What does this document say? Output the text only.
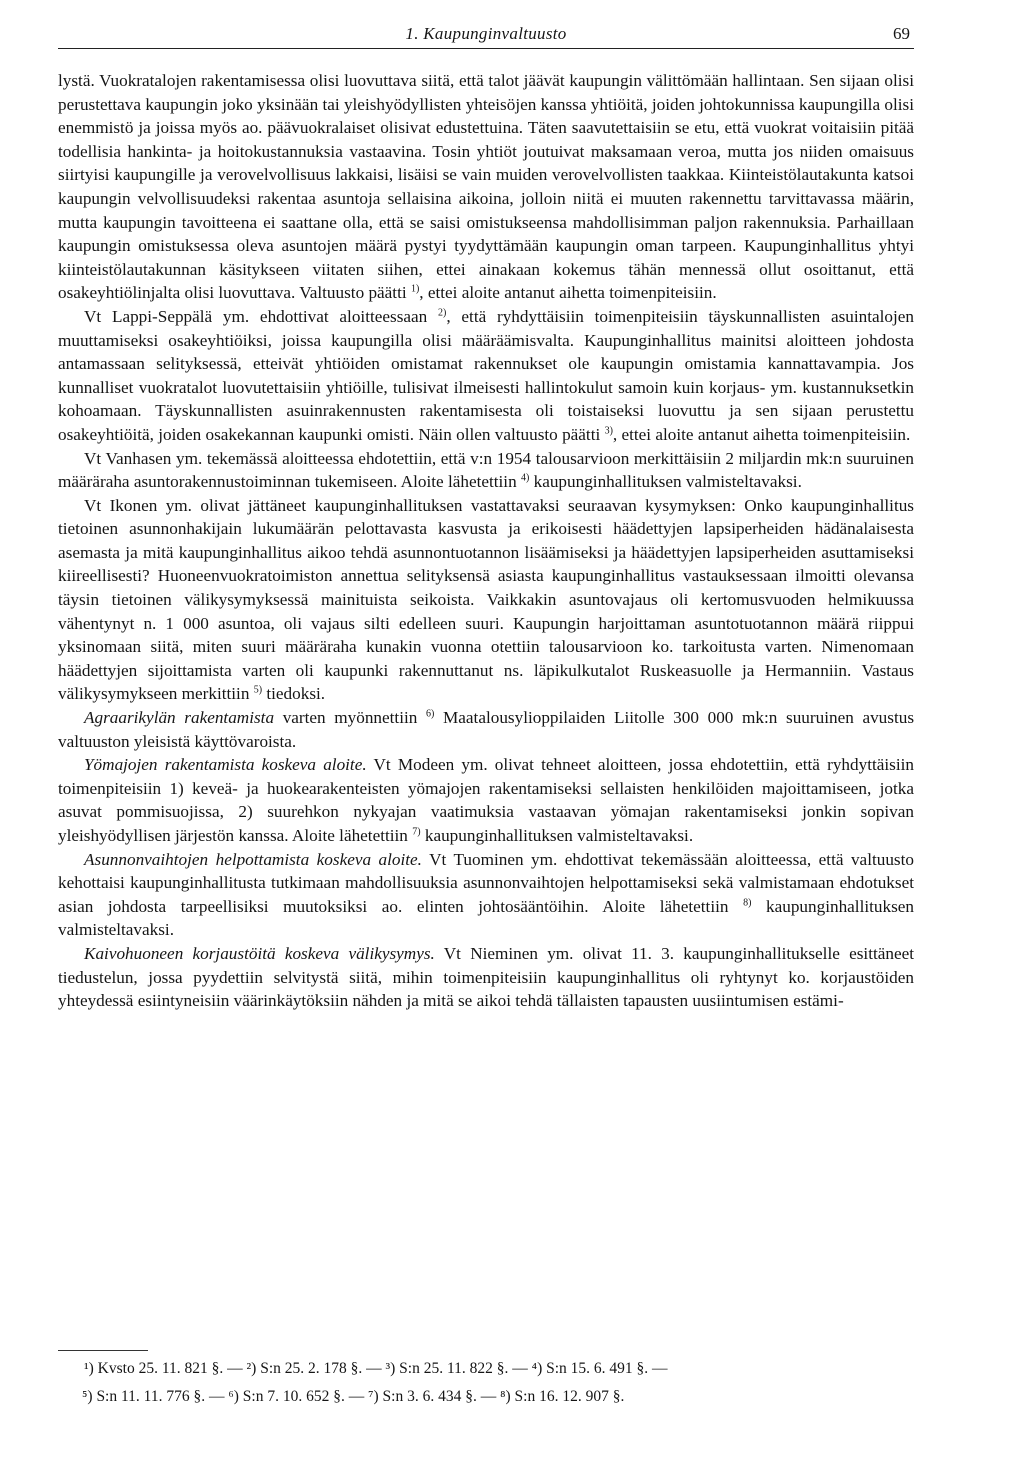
1. Kaupunginvaltuusto	69

lystä. Vuokratalojen rakentamisessa olisi luovuttava siitä, että talot jäävät kaupungin välittömään hallintaan. Sen sijaan olisi perustettava kaupungin joko yksinään tai yleishyödyllisten yhteisöjen kanssa yhtiöitä, joiden johtokunnissa kaupungilla olisi enemmistö ja joissa myös ao. päävuokralaiset olisivat edustettuina. Täten saavutettaisiin se etu, että vuokrat voitaisiin pitää todellisia hankinta- ja hoitokustannuksia vastaavina. Tosin yhtiöt joutuivat maksamaan veroa, mutta jos niiden omaisuus siirtyisi kaupungille ja verovelvollisuus lakkaisi, lisäisi se vain muiden verovelvollisten taakkaa. Kiinteistölautakunta katsoi kaupungin velvollisuudeksi rakentaa asuntoja sellaisina aikoina, jolloin niitä ei muuten rakennettu tarvittavassa määrin, mutta kaupungin tavoitteena ei saattane olla, että se saisi omistukseensa mahdollisimman paljon rakennuksia. Parhaillaan kaupungin omistuksessa oleva asuntojen määrä pystyi tyydyttämään kaupungin oman tarpeen. Kaupunginhallitus yhtyi kiinteistölautakunnan käsitykseen viitaten siihen, ettei ainakaan kokemus tähän mennessä ollut osoittanut, että osakeyhtiölinjalta olisi luovuttava. Valtuusto päätti $^{1)}$, ettei aloite antanut aihetta toimenpiteisiin.

Vt Lappi-Seppälä ym. ehdottivat aloitteessaan $^{2)}$, että ryhdyttäisiin toimenpiteisiin täyskunnallisten asuintalojen muuttamiseksi osakeyhtiöiksi, joissa kaupungilla olisi määräämisvalta. Kaupunginhallitus mainitsi aloitteen johdosta antamassaan selityksessä, etteivät yhtiöiden omistamat rakennukset ole kaupungin omistamia kannattavampia. Jos kunnalliset vuokratalot luovutettaisiin yhtiöille, tulisivat ilmeisesti hallintokulut samoin kuin korjaus- ym. kustannuksetkin kohoamaan. Täyskunnallisten asuinrakennusten rakentamisesta oli toistaiseksi luovuttu ja sen sijaan perustettu osakeyhtiöitä, joiden osakekannan kaupunki omisti. Näin ollen valtuusto päätti $^{3)}$, ettei aloite antanut aihetta toimenpiteisiin.

Vt Vanhasen ym. tekemässä aloitteessa ehdotettiin, että v:n 1954 talousarvioon merkittäisiin 2 miljardin mk:n suuruinen määräraha asuntorakennustoiminnan tukemiseen. Aloite lähetettiin $^{4)}$ kaupunginhallituksen valmisteltavaksi.

Vt Ikonen ym. olivat jättäneet kaupunginhallituksen vastattavaksi seuraavan kysymyksen: Onko kaupunginhallitus tietoinen asunnonhakijain lukumäärän pelottavasta kasvusta ja erikoisesti häädettyjen lapsiperheiden hädänalaisesta asemasta ja mitä kaupunginhallitus aikoo tehdä asunnontuotannon lisäämiseksi ja häädettyjen lapsiperheiden asuttamiseksi kiireellisesti? Huoneenvuokratoimiston annettua selityksensä asiasta kaupunginhallitus vastauksessaan ilmoitti olevansa täysin tietoinen välikysymyksessä mainituista seikoista. Vaikkakin asuntovajaus oli kertomusvuoden helmikuussa vähentynyt n. 1 000 asuntoa, oli vajaus silti edelleen suuri. Kaupungin harjoittaman asuntotuotannon määrä riippui yksinomaan siitä, miten suuri määräraha kunakin vuonna otettiin talousarvioon ko. tarkoitusta varten. Nimenomaan häädettyjen sijoittamista varten oli kaupunki rakennuttanut ns. läpikulkutalot Ruskeasuolle ja Hermanniin. Vastaus välikysymykseen merkittiin $^{5)}$ tiedoksi.

Agraarikylän rakentamista varten myönnettiin $^{6)}$ Maatalousylioppilaiden Liitolle 300 000 mk:n suuruinen avustus valtuuston yleisistä käyttövaroista.

Yömajojen rakentamista koskeva aloite. Vt Modeen ym. olivat tehneet aloitteen, jossa ehdotettiin, että ryhdyttäisiin toimenpiteisiin 1) keveä- ja huokearakenteisten yömajojen rakentamiseksi sellaisten henkilöiden majoittamiseen, jotka asuvat pommisuojissa, 2) suurehkon nykyajan vaatimuksia vastaavan yömajan rakentamiseksi jonkin sopivan yleishyödyllisen järjestön kanssa. Aloite lähetettiin $^{7)}$ kaupunginhallituksen valmisteltavaksi.

Asunnonvaihtojen helpottamista koskeva aloite. Vt Tuominen ym. ehdottivat tekemässään aloitteessa, että valtuusto kehottaisi kaupunginhallitusta tutkimaan mahdollisuuksia asunnonvaihtojen helpottamiseksi sekä valmistamaan ehdotukset asian johdosta tarpeellisiksi muutoksiksi ao. elinten johtosääntöihin. Aloite lähetettiin $^{8)}$ kaupunginhallituksen valmisteltavaksi.

Kaivohuoneen korjaustöitä koskeva välikysymys. Vt Nieminen ym. olivat 11. 3. kaupunginhallitukselle esittäneet tiedustelun, jossa pyydettiin selvitystä siitä, mihin toimenpiteisiin kaupunginhallitus oli ryhtynyt ko. korjaustöiden yhteydessä esiintyneisiin väärinkäytöksiin nähden ja mitä se aikoi tehdä tällaisten tapausten uusiintumisen estämi-

¹) Kvsto 25. 11. 821 §. — ²) S:n 25. 2. 178 §. — ³) S:n 25. 11. 822 §. — ⁴) S:n 15. 6. 491 §. —
⁵) S:n 11. 11. 776 §. — ⁶) S:n 7. 10. 652 §. — ⁷) S:n 3. 6. 434 §. — ⁸) S:n 16. 12. 907 §.
